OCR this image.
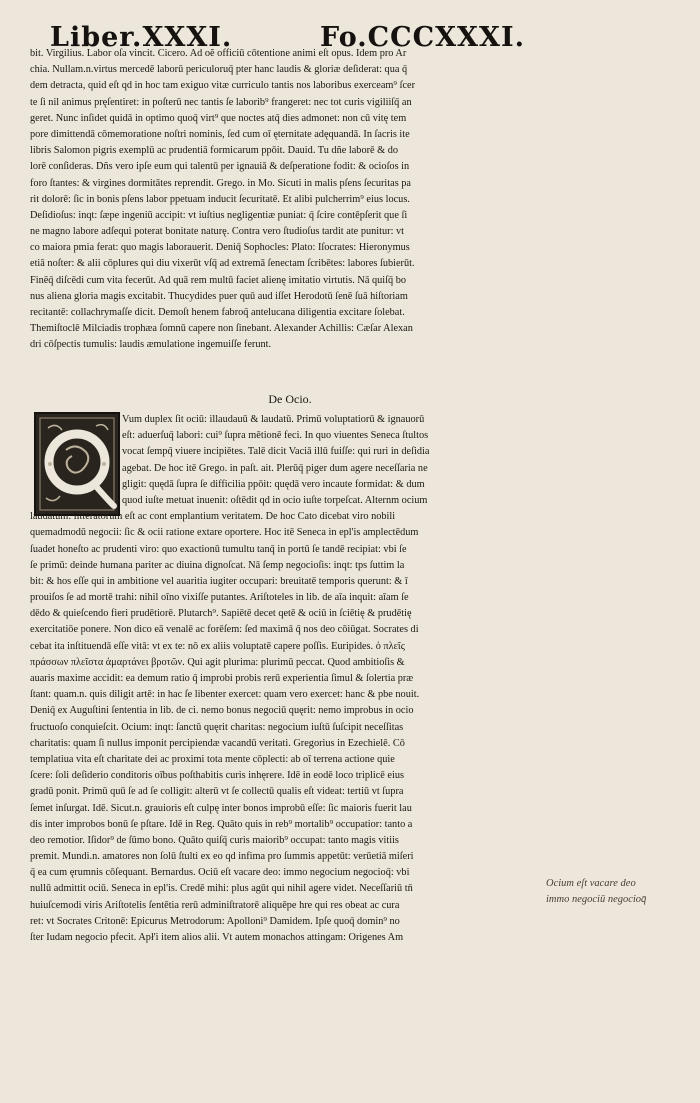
Liber.XXXI.	Fo.CCCXXXI.
bit. Virgilius. Labor oſa vincit. Cicero. Ad oĕ officiū cōtentione animi eſt opus. Idem pro Ar
chia. Nullam.n.virtus mercedē laborū periculoruq̄ pter hanc laudis & gloriæ deſiderat: qua q̄
dem detracta, quid eſt qd in hoc tam exiguo vitæ curriculo tantis nos laboribus exerceam⁹ ſcer
te ſi nil animus pręſentiret: in poſterū nec tantis ſe laborib⁹ frangeret: nec tot curis vigiliiſq̄ an
geret. Nunc inſidet quidā in optimo quoq̄ virt⁹ que noctes atq̄ dies admonet: non cū vitę tem
pore dimittendā cōmemoratione noſtri nominis, ſed cum oī ęternitate adęquandā. In ſacris ite
libris Salomon pigris exemplū ac prudentiā formicarum ppōit. Dauid. Tu dñe laborē & do
lorē conſideras. Dñs vero ipſe eum qui talentū per ignauiā & deſperatione fodit: & ocioſos in
foro ſtantes: & virgines dormitātes reprendit. Grego. in Mo. Sicuti in malis pſens ſecuritas pa
rit dolorē: ſic in bonis pſens labor ppetuam inducit ſecuritatē. Et alibi pulcherrim⁹ eius locus.
Deſidioſus: inqt: ſæpe ingeniū accipit: vt iuſtius negligentiæ puniat: q̄ ſcire contēpſerit que ſi
ne magno labore adſequi poterat bonitate naturę. Contra vero ſtudioſus tardit ate punitur: vt
co maiora pmia ferat: quo magis laborauerit. Deniq̄ Sophocles: Plato: Iſocrates: Hieronymus
etiā noſter: & alii cōplures qui diu vixerūt vſq̄ ad extremā ſenectam ſcribētes: labores ſubierūt.
Finēq̄ diſcēdi cum vita fecerūt. Ad quā rem multū faciet alienę imitatio virtutis. Nā quiſq̄ bo
nus aliena gloria magis excitabit. Thucydides puer quū aud iſſet Herodotū ſenē ſuā hiſtoriam
recitantē: collachrymaſſe dicit. Demoſt henem fabroq̄ antelucana diligentia excitare ſolebat.
Themiſtoclē Milciadis trophæa ſomnū capere non ſinebant. Alexander Achillis: Cæſar Alexan
dri cōſpectis tumulis: laudis æmulatione ingemuiſſe ferunt.
De Ocio.
Vum duplex ſit ociū: illaudauū & laudatū. Primū voluptatiorū & ignauorū
eſt: aduerſuq̄ labori: cui⁹ ſupra mētionē feci. In quo viuentes Seneca ſtultos
vocat ſempq̄ viuere incipiētes. Talē dicit Vaciā illū fuiſſe: qui ruri in deſidia
agebat. De hoc itē Grego. in paſt. ait. Plerūq̄ piger dum agere neceſſaria ne
gligit: quędā ſupra ſe difficilia ppōit: quędā vero incaute formidat: & dum
quod iuſte metuat inuenit: oſtēdit qd in ocio iuſte torpeſcat. Alternm ocium
laudatum: litteratorum eſt ac cont emplantium veritatem. De hoc Cato dicebat viro nobili
quemadmodū negocii: ſic & ocii ratione extare oportere. Hoc itē Seneca in epl'is amplectēdum
ſuadet honeſto ac prudenti viro: quo exactionū tumultu tanq̄ in portū ſe tandē recipiat: vbi ſe
ſe primū: deinde humana pariter ac diuina dignoſcat. Nā ſemp negocioſis: inqt: tps ſuttim la
bit: & hos eſſe qui in ambitione vel auaritia iugiter occupari: breuitatē temporis querunt: & ī
prouiſos ſe ad mortē trahi: nihil oīno vixiſſe putantes. Ariſtoteles in lib. de aīa inquit: aīam ſe
dēdo & quieſcendo fieri prudētiorē. Plutarch⁹. Sapiētē decet qetē & ociū in ſciētię & prudētię
exercitatiōe ponere. Non dico eā venalē ac forēſem: ſed maximā q̄ nos deo cōiūgat. Socrates di
cebat ita inſtituendā eſſe vitā: vt ex te: nō ex aliis voluptatē capere poſſis. Euripides. ὁ πλεῖς
πράσσων πλεῖστα ἁμαρτάνει βροτῶν. Qui agit plurima: plurimū peccat. Quod ambitioſis &
auaris maxime accidit: ea demum ratio q̄ improbi probis rerū experientia ſimul & ſolertia præ
ſtant: quam.n. quis diligit artē: in hac ſe libenter exercet: quam vero exercet: hanc & pbe nouit.
Deniq̄ ex Auguſtini ſententia in lib. de ci. nemo bonus negociū quęrit: nemo improbus in ocio
fructuoſo conquieſcit. Ocium: inqt: ſanctū quęrit charitas: negocium iuſtū ſuſcipit neceſſitas
charitatis: quam ſi nullus imponit percipiendæ vacandū veritati. Gregorius in Ezechielē. Cō
templatiua vita eſt charitate dei ac proximi tota mente cōplecti: ab oī terrena actione quie
ſcere: ſoli deſiderio conditoris oībus poſthabitis curis inhęrere. Idē in eodē loco triplicē eius
gradū ponit. Primū quū ſe ad ſe colligit: alterū vt ſe collectū qualis eſt videat: tertiū vt ſupra
ſemet inſurgat. Idē. Sicut.n. grauioris eſt culpę inter bonos improbū eſſe: ſic maioris fuerit lau
dis inter improbos bonū ſe pſtare. Idē in Reg. Quāto quis in reb⁹ mortalib⁹ occupatior: tanto a
deo remotior. Iſidor⁹ de ſūmo bono. Quāto quiſq̄ curis maiorib⁹ occupat: tanto magis vitiis
premit. Mundi.n. amatores non ſolū ſtulti ex eo qd infima pro ſummis appetūt: verūetiā miſeri
q̄ ea cum ęrumnis cōſequant. Bernardus. Ociū eſt vacare deo: immo negocium negocioq̄: vbi
nullū admittit ociū. Seneca in epl'is. Credē mihi: plus agūt qui nihil agere videt. Neceſſariū tn̄
huiuſcemodi viris Ariſtotelis ſentētia rerū adminiſtratorē aliquēpe hre qui res obeat ac cura
ret: vt Socrates Critonē: Epicurus Metrodorum: Apolloni⁹ Damidem. Ipſe quoq̄ domin⁹ no
ſter Iudam negocio pfecit. Apł'i item alios alii. Vt autem monachos attingam: Origenes Am
Ocium eſt vacare deo
immo negociū negocioq̄
